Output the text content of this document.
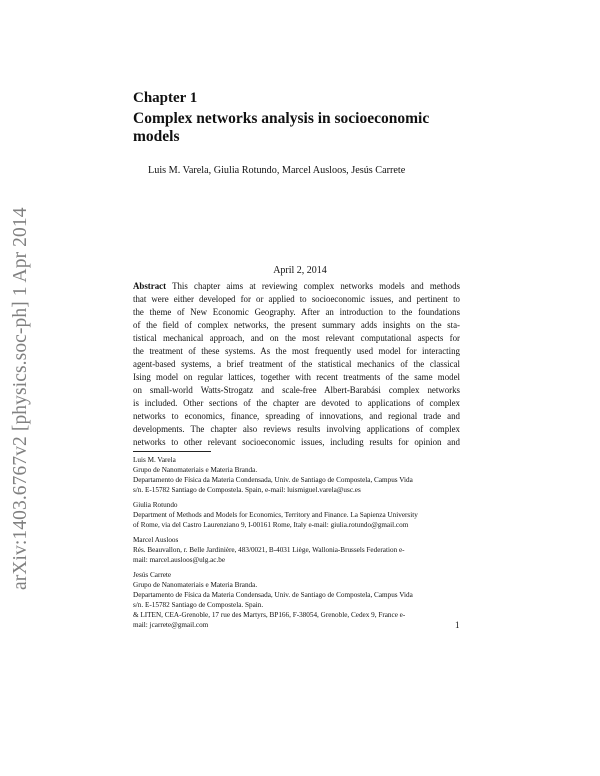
arXiv:1403.6767v2 [physics.soc-ph] 1 Apr 2014
Chapter 1
Complex networks analysis in socioeconomic
models
Luis M. Varela, Giulia Rotundo, Marcel Ausloos, Jesús Carrete
April 2, 2014
Abstract This chapter aims at reviewing complex networks models and methods
that were either developed for or applied to socioeconomic issues, and pertinent to
the theme of New Economic Geography. After an introduction to the foundations
of the field of complex networks, the present summary adds insights on the sta-
tistical mechanical approach, and on the most relevant computational aspects for
the treatment of these systems. As the most frequently used model for interacting
agent-based systems, a brief treatment of the statistical mechanics of the classical
Ising model on regular lattices, together with recent treatments of the same model
on small-world Watts-Strogatz and scale-free Albert-Barabási complex networks
is included. Other sections of the chapter are devoted to applications of complex
networks to economics, finance, spreading of innovations, and regional trade and
developments. The chapter also reviews results involving applications of complex
networks to other relevant socioeconomic issues, including results for opinion and
Luis M. Varela
Grupo de Nanomateriais e Materia Branda.
Departamento de Física da Materia Condensada, Univ. de Santiago de Compostela, Campus Vida
s/n. E-15782 Santiago de Compostela. Spain, e-mail: luismiguel.varela@usc.es
Giulia Rotundo
Department of Methods and Models for Economics, Territory and Finance. La Sapienza University
of Rome, via del Castro Laurenziano 9, I-00161 Rome, Italy e-mail: giulia.rotundo@gmail.com
Marcel Ausloos
Rés. Beauvallon, r. Belle Jardinière, 483/0021, B-4031 Liège, Wallonia-Brussels Federation e-
mail: marcel.ausloos@ulg.ac.be
Jesús Carrete
Grupo de Nanomateriais e Materia Branda.
Departamento de Física da Materia Condensada, Univ. de Santiago de Compostela, Campus Vida
s/n. E-15782 Santiago de Compostela. Spain.
& LITEN, CEA-Grenoble, 17 rue des Martyrs, BP166, F-38054, Grenoble, Cedex 9, France e-
mail: jcarrete@gmail.com	1
